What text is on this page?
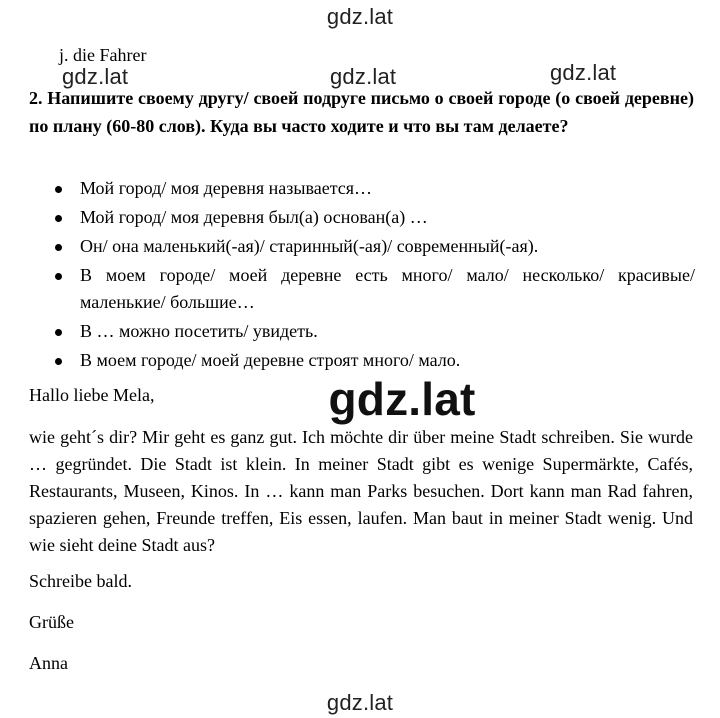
gdz.lat
j. die Fahrer
2. Напишите своему другу/ своей подруге письмо о своей городе (о своей деревне) по плану (60-80 слов). Куда вы часто ходите и что вы там делаете?
gdz.lat	gdz.lat	gdz.lat
Мой город/ моя деревня называется…
Мой город/ моя деревня был(а) основан(а) …
Он/ она маленький(-ая)/ старинный(-ая)/ современный(-ая).
В моем городе/ моей деревне есть много/ мало/ несколько/ красивые/ маленькие/ большие…
В … можно посетить/ увидеть.
В моем городе/ моей деревне строят много/ мало.
Hallo liebe Mela,	gdz.lat
wie geht´s dir? Mir geht es ganz gut. Ich möchte dir über meine Stadt schreiben. Sie wurde … gegründet. Die Stadt ist klein. In meiner Stadt gibt es wenige Supermärkte, Cafés, Restaurants, Museen, Kinos. In … kann man Parks besuchen. Dort kann man Rad fahren, spazieren gehen, Freunde treffen, Eis essen, laufen. Man baut in meiner Stadt wenig. Und wie sieht deine Stadt aus?
Schreibe bald.
Grüße
Anna
gdz.lat
